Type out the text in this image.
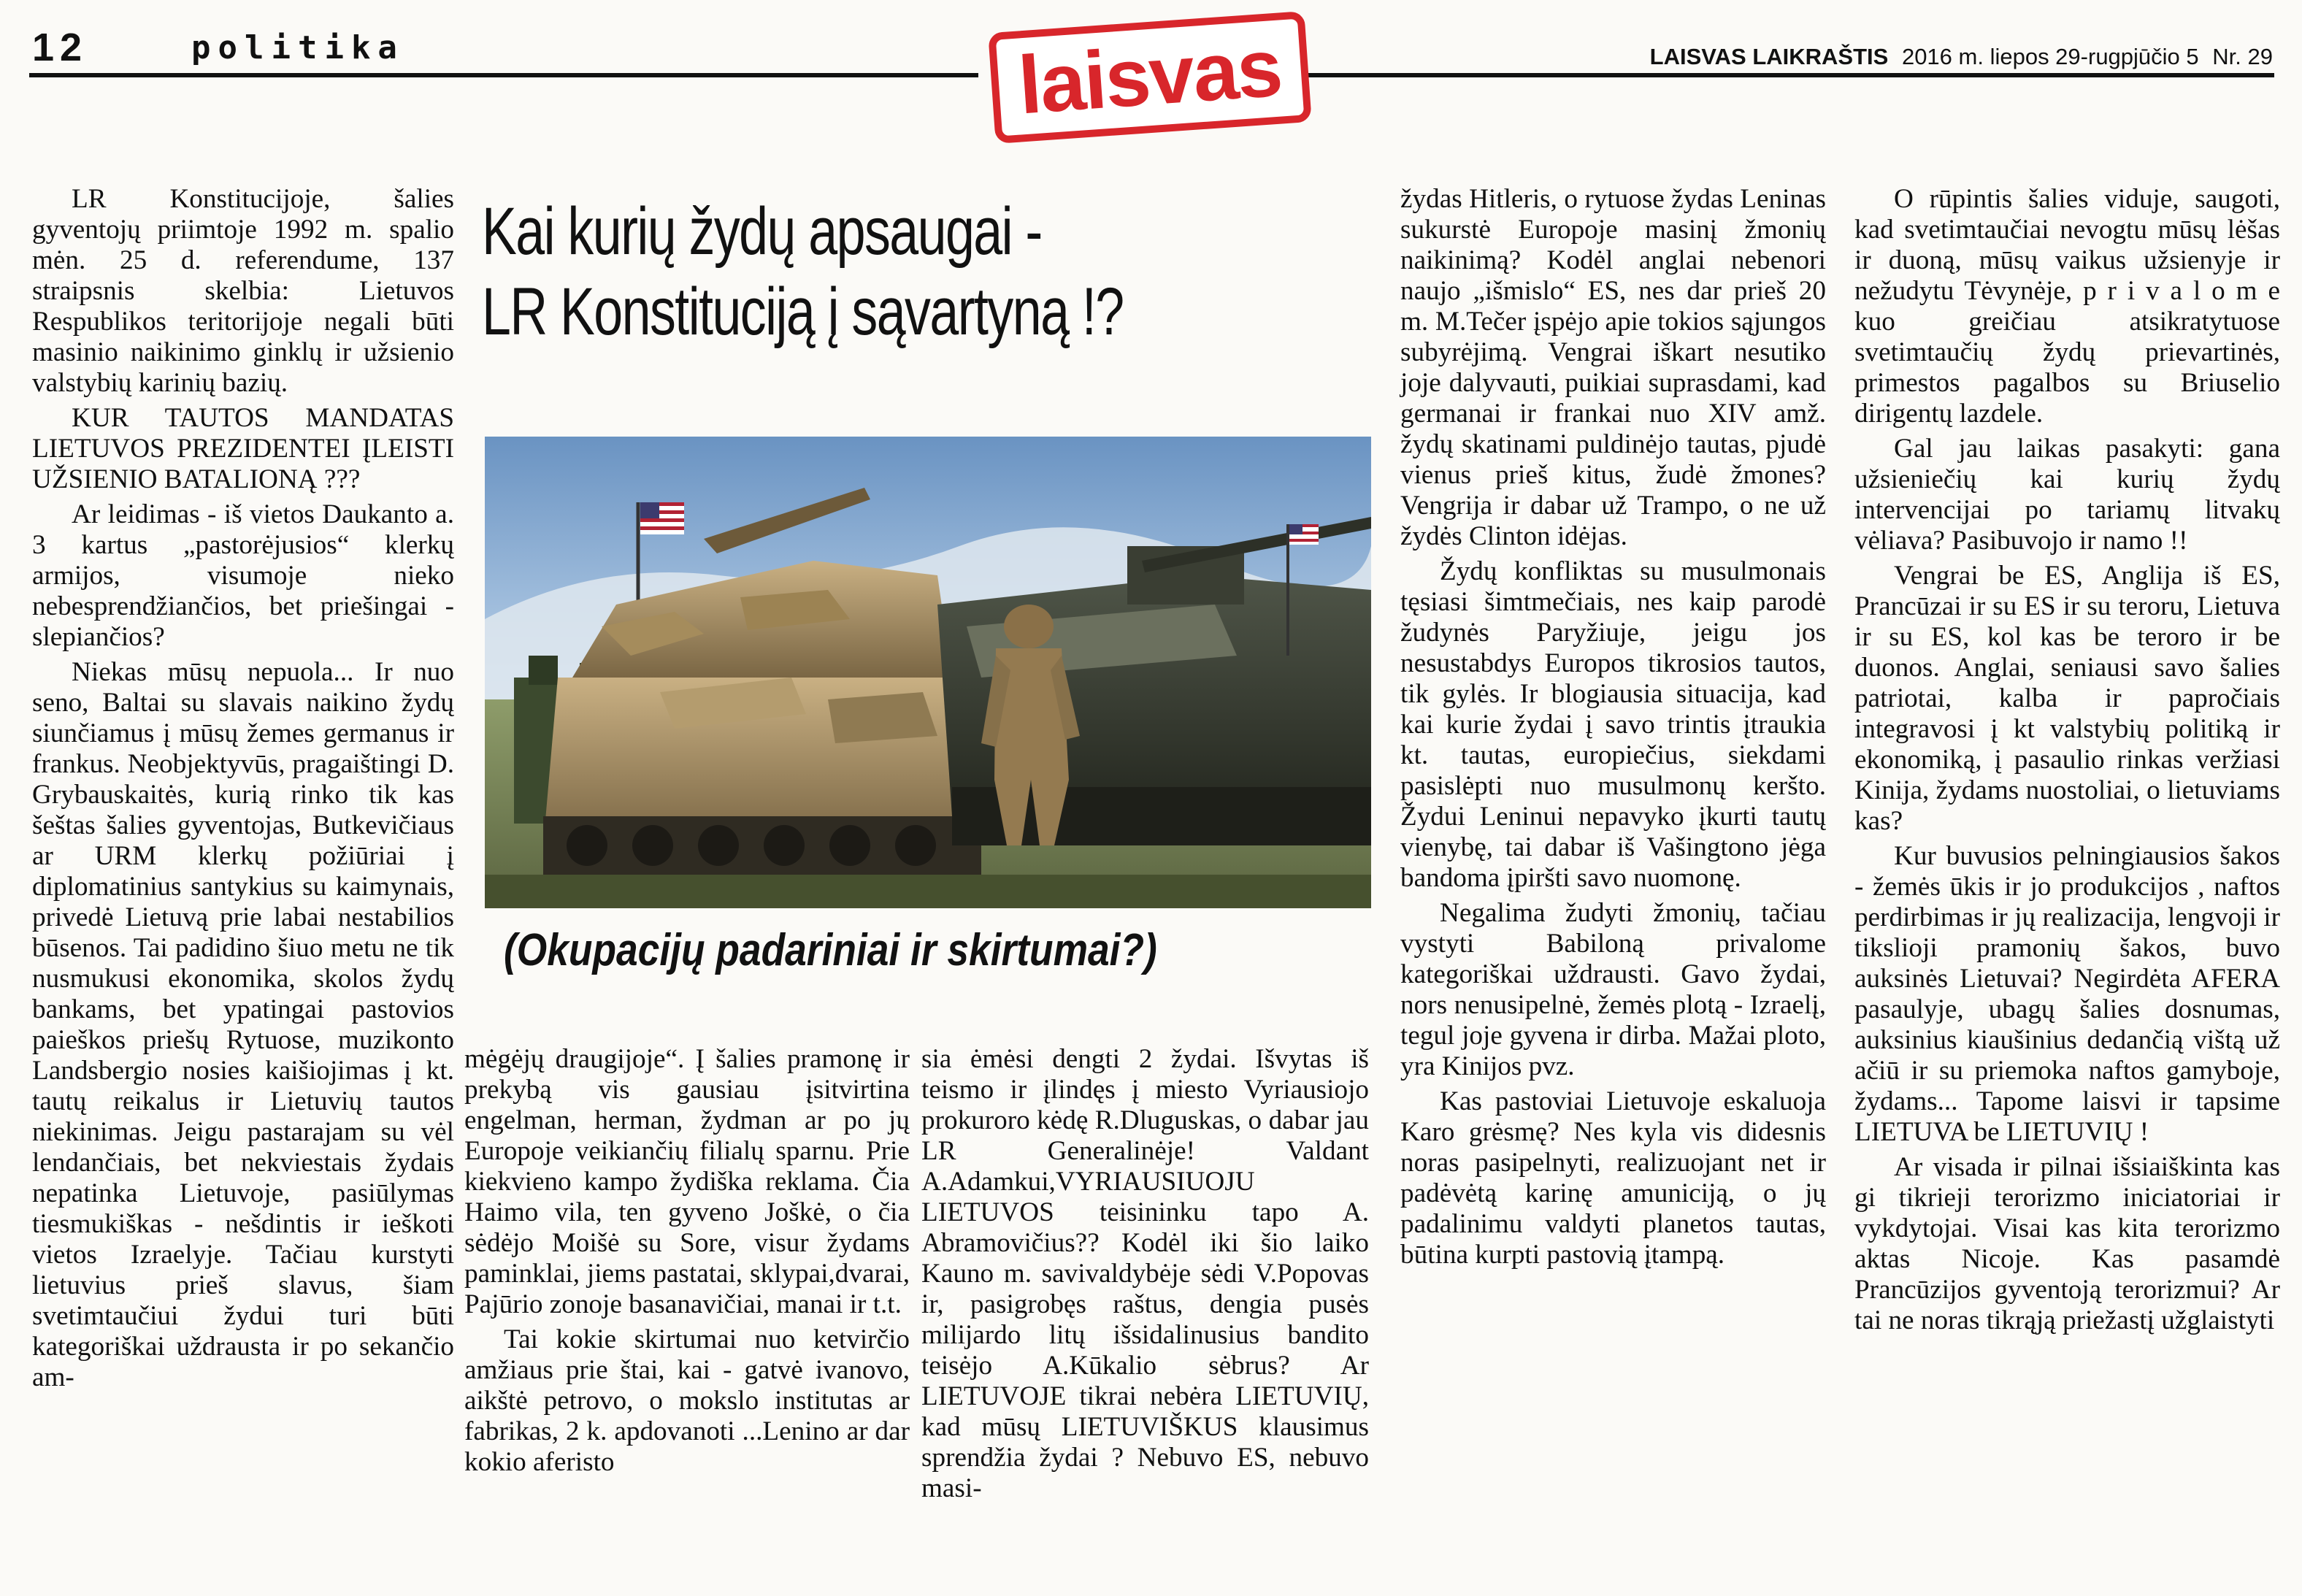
12	politika	laisvas	LAISVAS LAIKRAŠTIS 2016 m. liepos 29-rugpjūčio 5 Nr. 29

LR Konstitucijoje, šalies gyventojų priimtoje 1992 m. spalio mėn. 25 d. referendume, 137 straipsnis skelbia: Lietuvos Respublikos teritorijoje negali būti masinio naikinimo ginklų ir užsienio valstybių karinių bazių.

KUR TAUTOS MANDATAS LIETUVOS PREZIDENTEI ĮLEISTI UŽSIENIO BATALIONĄ ???

Ar leidimas - iš vietos Daukanto a. 3 kartus „pastorėjusios“ klerkų armijos, visumoje nieko nebesprendžiančios, bet priešingai - slepiančios?

Niekas mūsų nepuola... Ir nuo seno, Baltai su slavais naikino žydų siunčiamus į mūsų žemes germanus ir frankus. Neobjektyvūs, pragaištingi D. Grybauskaitės, kurią rinko tik kas šeštas šalies gyventojas, Butkevičiaus ar URM klerkų požiūriai į diplomatinius santykius su kaimynais, privedė Lietuvą prie labai nestabilios būsenos. Tai padidino šiuo metu ne tik nusmukusi ekonomika, skolos žydų bankams, bet ypatingai pastovios paieškos priešų Rytuose, muzikonto Landsbergio nosies kaišiojimas į kt. tautų reikalus ir Lietuvių tautos niekinimas. Jeigu pastarajam su vėl lendančiais, bet nekviestais žydais nepatinka Lietuvoje, pasiūlymas tiesmukiškas - nešdintis ir ieškoti vietos Izraelyje. Tačiau kurstyti lietuvius prieš slavus, šiam svetimtaučiui žydui turi būti kategoriškai uždrausta ir po sekančio am-

Kai kurių žydų apsaugai -
LR Konstituciją į sąvartyną !?
(Okupacijų padariniai ir skirtumai?)

mėgėjų draugijoje“. Į šalies pramonę ir prekybą vis gausiau įsitvirtina engelman, herman, žydman ar po jų Europoje veikiančių filialų sparnu. Prie kiekvieno kampo žydiška reklama. Čia Haimo vila, ten gyveno Joškė, o čia sėdėjo Moišė su Sore, visur žydams paminklai, jiems pastatai, sklypai,dvarai, Pajūrio zonoje basanavičiai, manai ir t.t.

Tai kokie skirtumai nuo ketvirčio amžiaus prie štai, kai - gatvė ivanovo, aikštė petrovo, o mokslo institutas ar fabrikas, 2 k. apdovanoti ...Lenino ar dar kokio aferisto

sia ėmėsi dengti 2 žydai. Išvytas iš teismo ir įlindęs į miesto Vyriausiojo prokuroro kėdę R.Dluguskas, o dabar jau LR Generalinėje! Valdant A.Adamkui,VYRIAUSIUOJU LIETUVOS teisininku tapo A. Abramovičius?? Kodėl iki šio laiko Kauno m. savivaldybėje sėdi V.Popovas ir, pasigrobęs raštus, dengia pusės milijardo litų išsidalinusius bandito teisėjo A.Kūkalio sėbrus? Ar LIETUVOJE tikrai nebėra LIETUVIŲ, kad mūsų LIETUVIŠKUS klausimus sprendžia žydai ? Nebuvo ES, nebuvo masi-

žydas Hitleris, o rytuose žydas Leninas sukurstė Europoje masinį žmonių naikinimą? Kodėl anglai nebenori naujo „išmislo“ ES, nes dar prieš 20 m. M.Tečer įspėjo apie tokios sąjungos subyrėjimą. Vengrai iškart nesutiko joje dalyvauti, puikiai suprasdami, kad germanai ir frankai nuo XIV amž. žydų skatinami puldinėjo tautas, pjudė vienus prieš kitus, žudė žmones? Vengrija ir dabar už Trampo, o ne už žydės Clinton idėjas.

Žydų konfliktas su musulmonais tęsiasi šimtmečiais, nes kaip parodė žudynės Paryžiuje, jeigu jos nesustabdys Europos tikrosios tautos, tik gylės. Ir blogiausia situacija, kad kai kurie žydai į savo trintis įtraukia kt. tautas, europiečius, siekdami pasislėpti nuo musulmonų keršto. Žydui Leninui nepavyko įkurti tautų vienybę, tai dabar iš Vašingtono jėga bandoma įpiršti savo nuomonę.

Negalima žudyti žmonių, tačiau vystyti Babiloną privalome kategoriškai uždrausti. Gavo žydai, nors nenusipelnė, žemės plotą - Izraelį, tegul joje gyvena ir dirba. Mažai ploto, yra Kinijos pvz.

Kas pastoviai Lietuvoje eskaluoja Karo grėsmę? Nes kyla vis didesnis noras pasipelnyti, realizuojant net ir padėvėtą karinę amuniciją, o jų padalinimu valdyti planetos tautas, būtina kurpti pastovią įtampą.

O rūpintis šalies viduje, saugoti, kad svetimtaučiai nevogtu mūsų lėšas ir duoną, mūsų vaikus užsienyje ir nežudytu Tėvynėje, p r i v a l o m e kuo greičiau atsikratytuose svetimtaučių žydų prievartinės, primestos pagalbos su Briuselio dirigentų lazdele.

Gal jau laikas pasakyti: gana užsieniečių kai kurių žydų intervencijai po tariamų litvakų vėliava? Pasibuvojo ir namo !!

Vengrai be ES, Anglija iš ES, Prancūzai ir su ES ir su teroru, Lietuva ir su ES, kol kas be teroro ir be duonos. Anglai, seniausi savo šalies patriotai, kalba ir papročiais integravosi į kt valstybių politiką ir ekonomiką, į pasaulio rinkas veržiasi Kinija, žydams nuostoliai, o lietuviams kas?

Kur buvusios pelningiausios šakos - žemės ūkis ir jo produkcijos , naftos perdirbimas ir jų realizacija, lengvoji ir tikslioji pramonių šakos, buvo auksinės Lietuvai? Negirdėta AFERA pasaulyje, ubagų šalies dosnumas, auksinius kiaušinius dedančią vištą už ačiū ir su priemoka naftos gamyboje, žydams... Tapome laisvi ir tapsime LIETUVA be LIETUVIŲ !

Ar visada ir pilnai išsiaiškinta kas gi tikrieji terorizmo iniciatoriai ir vykdytojai. Visai kas kita terorizmo aktas Nicoje. Kas pasamdė Prancūzijos gyventoją terorizmui? Ar tai ne noras tikrąją priežastį užglaistyti
